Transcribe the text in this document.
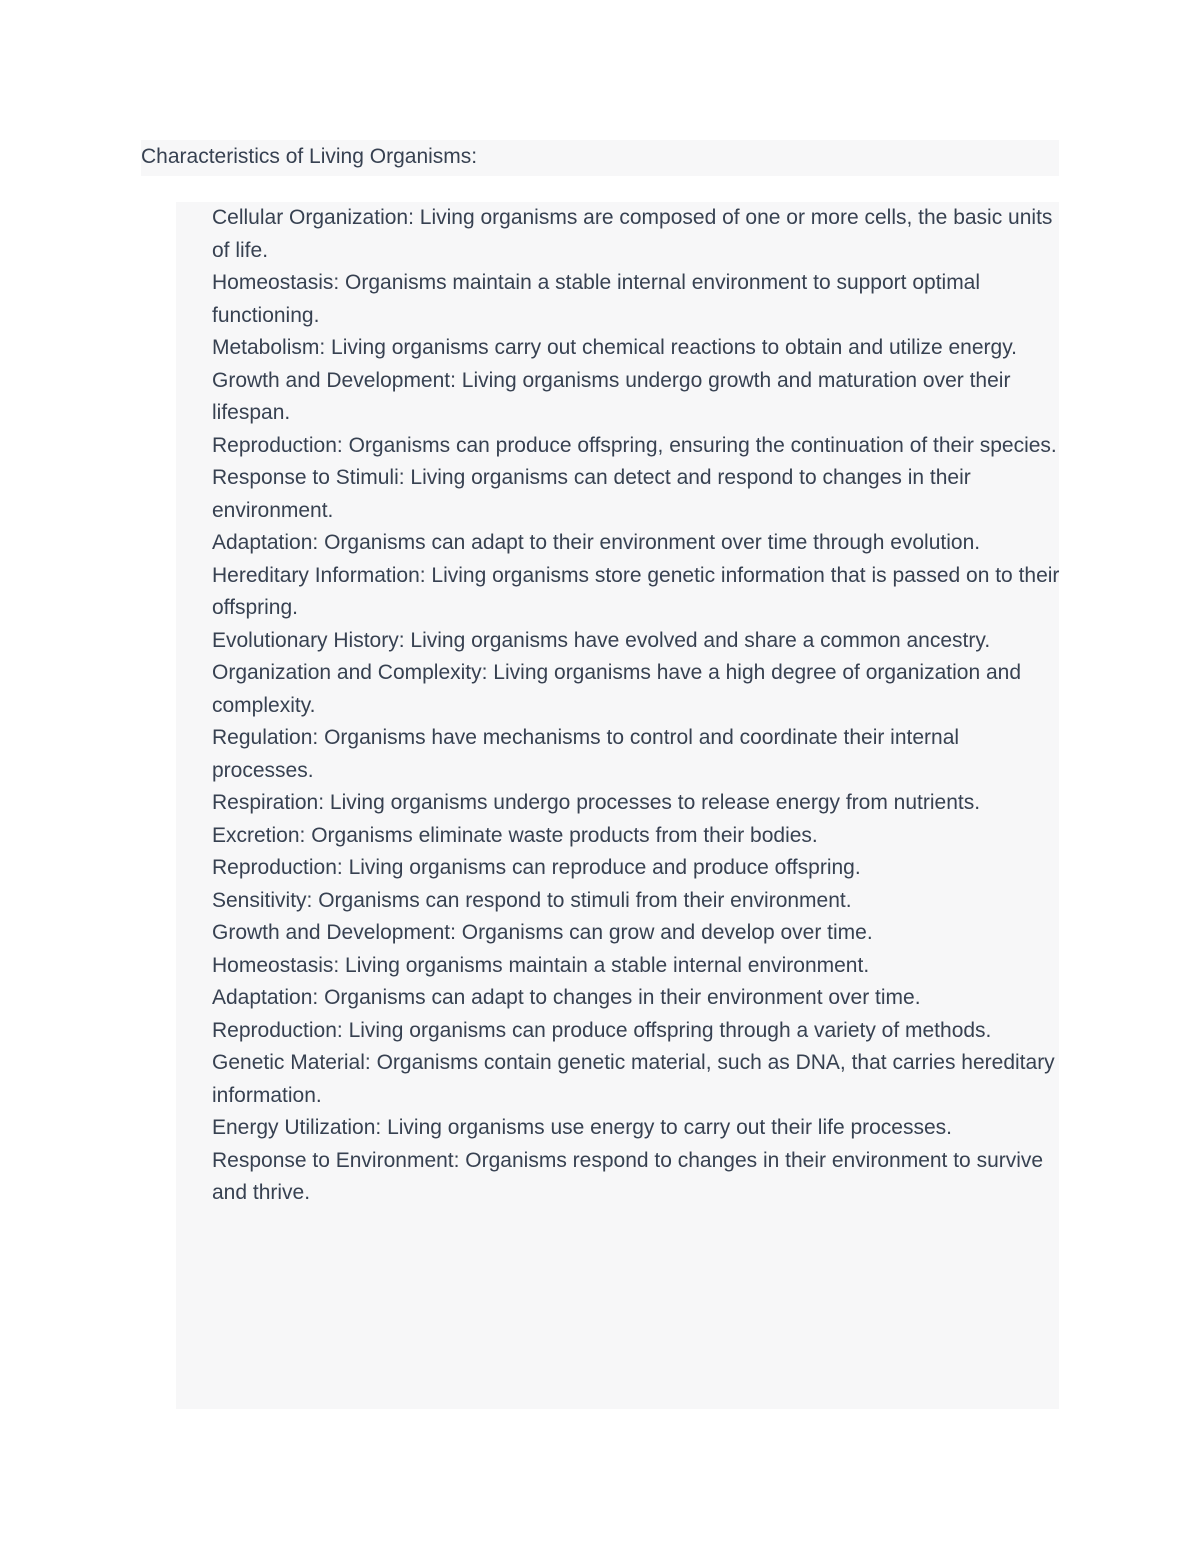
Characteristics of Living Organisms:
Cellular Organization: Living organisms are composed of one or more cells, the basic units of life.
Homeostasis: Organisms maintain a stable internal environment to support optimal functioning.
Metabolism: Living organisms carry out chemical reactions to obtain and utilize energy.
Growth and Development: Living organisms undergo growth and maturation over their lifespan.
Reproduction: Organisms can produce offspring, ensuring the continuation of their species.
Response to Stimuli: Living organisms can detect and respond to changes in their environment.
Adaptation: Organisms can adapt to their environment over time through evolution.
Hereditary Information: Living organisms store genetic information that is passed on to their offspring.
Evolutionary History: Living organisms have evolved and share a common ancestry.
Organization and Complexity: Living organisms have a high degree of organization and complexity.
Regulation: Organisms have mechanisms to control and coordinate their internal processes.
Respiration: Living organisms undergo processes to release energy from nutrients.
Excretion: Organisms eliminate waste products from their bodies.
Reproduction: Living organisms can reproduce and produce offspring.
Sensitivity: Organisms can respond to stimuli from their environment.
Growth and Development: Organisms can grow and develop over time.
Homeostasis: Living organisms maintain a stable internal environment.
Adaptation: Organisms can adapt to changes in their environment over time.
Reproduction: Living organisms can produce offspring through a variety of methods.
Genetic Material: Organisms contain genetic material, such as DNA, that carries hereditary information.
Energy Utilization: Living organisms use energy to carry out their life processes.
Response to Environment: Organisms respond to changes in their environment to survive and thrive.
